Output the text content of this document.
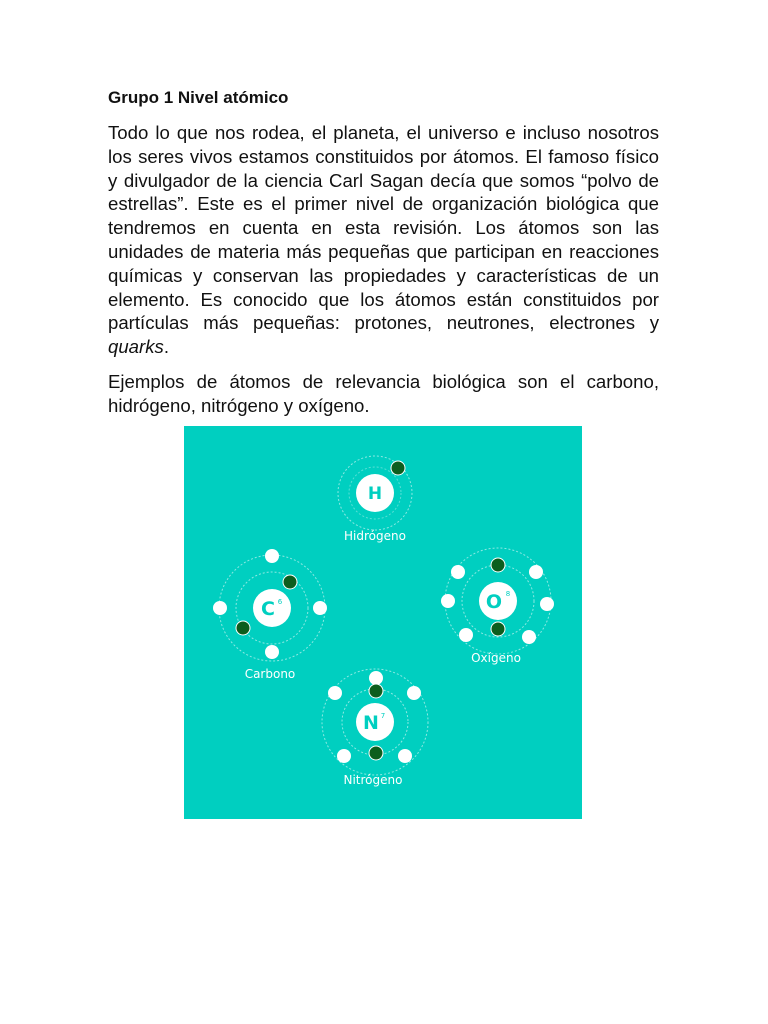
Grupo 1 Nivel atómico

Todo lo que nos rodea, el planeta, el universo e incluso nosotros los seres vivos estamos constituidos por átomos. El famoso físico y divulgador de la ciencia Carl Sagan decía que somos “polvo de estrellas”. Este es el primer nivel de organización biológica que tendremos en cuenta en esta revisión. Los átomos son las unidades de materia más pequeñas que participan en reacciones químicas y conservan las propiedades y características de un elemento. Es conocido que los átomos están constituidos por partículas más pequeñas: protones, neutrones, electrones y quarks.

Ejemplos de átomos de relevancia biológica son el carbono, hidrógeno, nitrógeno y oxígeno.

H
Hidrógeno
C 6
Carbono
O 8
Oxígeno
N 7
Nitrógeno
